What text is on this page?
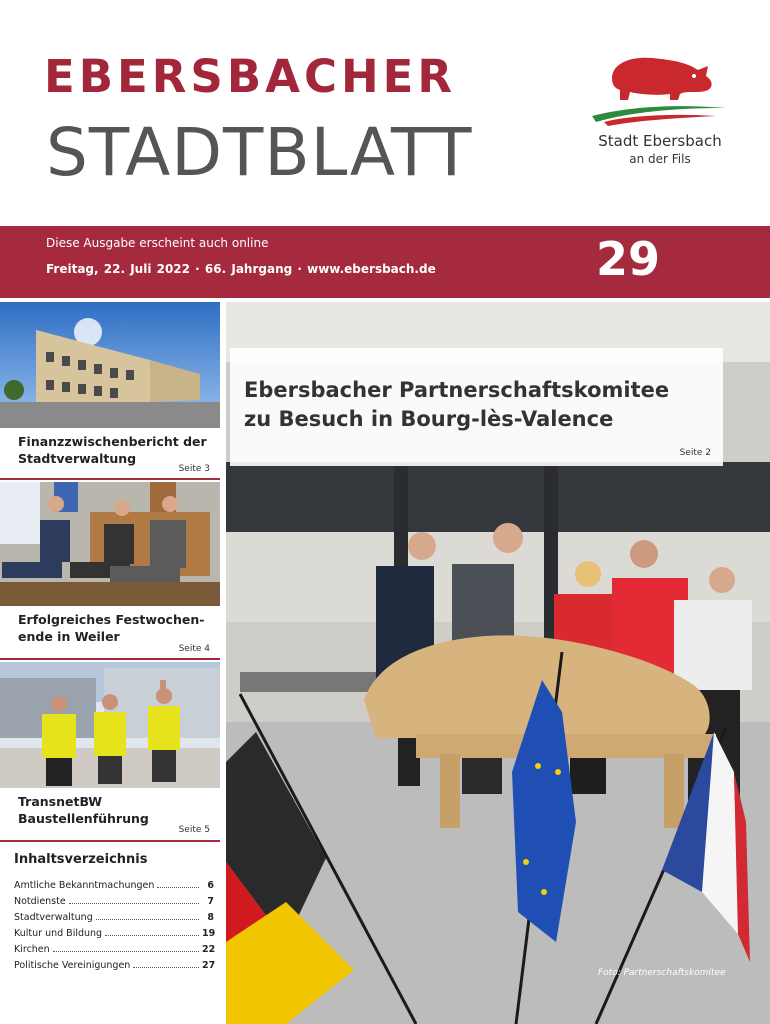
EBERSBACHER
STADTBLATT	Stadt Ebersbach
an der Fils
Diese Ausgabe erscheint auch online
Freitag, 22. Juli 2022 · 66. Jahrgang · www.ebersbach.de	29
Finanzzwischenbericht der Stadtverwaltung
Seite 3
Erfolgreiches Festwochen-ende in Weiler
Seite 4
TransnetBW Baustellenführung
Seite 5
Inhaltsverzeichnis
Amtliche Bekanntmachungen	6
Notdienste	7
Stadtverwaltung	8
Kultur und Bildung	19
Kirchen	22
Politische Vereinigungen	27
Ebersbacher Partnerschaftskomitee
zu Besuch in Bourg-lès-Valence
Seite 2
Foto: Partnerschaftskomitee
